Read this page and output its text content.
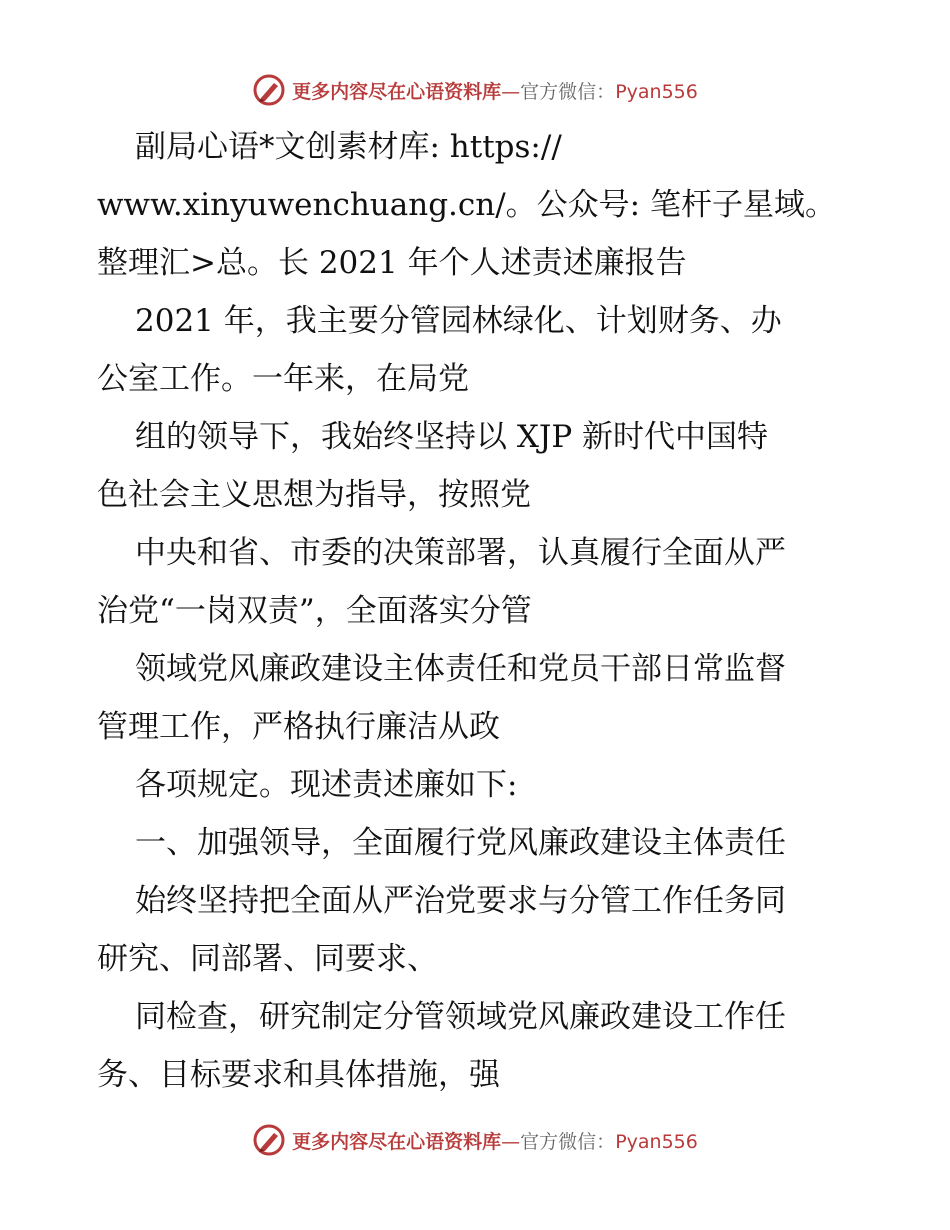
更多内容尽在心语资料库—官方微信：Pyan556
副局心语*文创素材库: https://
www.xinyuwenchuang.cn/。公众号: 笔杆子星域。
整理汇>总。长 2021 年个人述责述廉报告
2021 年，我主要分管园林绿化、计划财务、办
公室工作。一年来，在局党
组的领导下，我始终坚持以 XJP 新时代中国特
色社会主义思想为指导，按照党
中央和省、市委的决策部署，认真履行全面从严
治党“一岗双责”，全面落实分管
领域党风廉政建设主体责任和党员干部日常监督
管理工作，严格执行廉洁从政
各项规定。现述责述廉如下:
一、加强领导，全面履行党风廉政建设主体责任
始终坚持把全面从严治党要求与分管工作任务同
研究、同部署、同要求、
同检查，研究制定分管领域党风廉政建设工作任
务、目标要求和具体措施，强
更多内容尽在心语资料库—官方微信：Pyan556
